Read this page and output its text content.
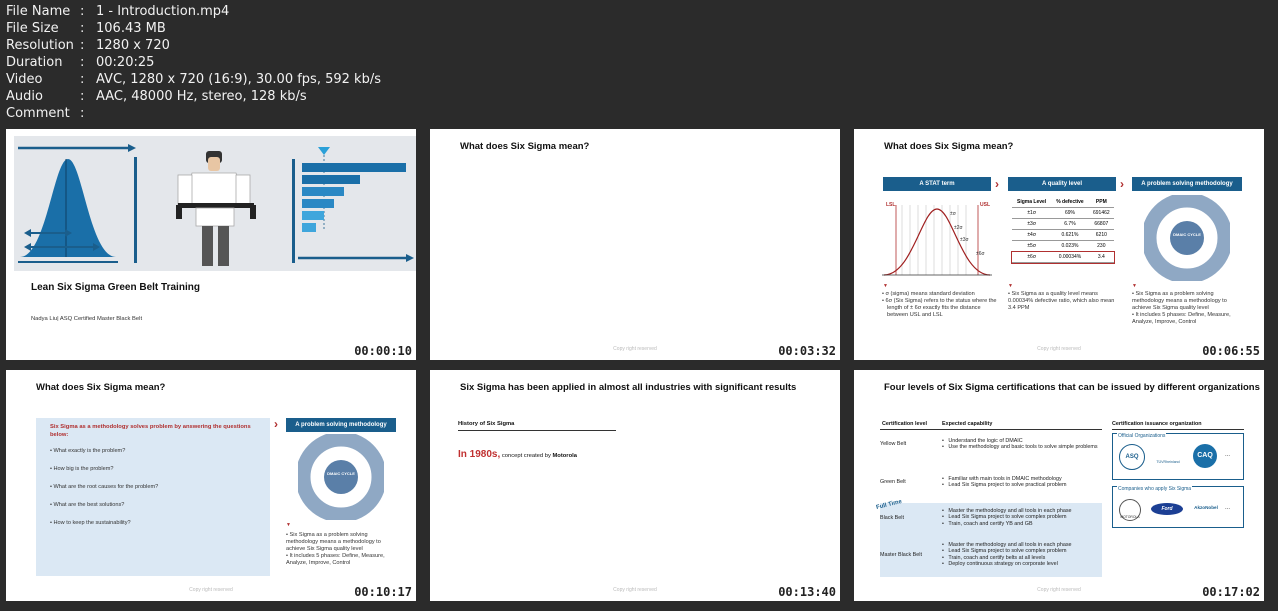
File Name : 1 - Introduction.mp4
File Size	: 106.43 MB
Resolution : 1280 x 720
Duration	: 00:20:25
Video	: AVC, 1280 x 720 (16:9), 30.00 fps, 592 kb/s
Audio	: AAC, 48000 Hz, stereo, 128 kb/s
Comment :
Lean Six Sigma Green Belt Training
Nadya Liu| ASQ Certified Master Black Belt
00:00:10
What does Six Sigma mean?
Copy right reserved	00:03:32
What does Six Sigma mean?
A STAT term	›	A quality level	›	A problem solving methodology
LSL	USL
±σ
±2σ
±3σ
±6σ
Sigma Level	% defective	PPM
±1σ	69%	691462
±3σ	6.7%	66807
±4σ	0.621%	6210
±5σ	0.023%	230
±6σ	0.00034%	3.4
▼	▼	▼
DMAIC CYCLE
• σ (sigma) means standard deviation
• 6σ (Six Sigma) refers to the status where the length of ± 6σ exactly fits the distance between USL and LSL
• Six Sigma as a quality level means 0.00034% defective ratio, which also mean 3.4 PPM
• Six Sigma as a problem solving methodology means a methodology to achieve Six Sigma quality level
• It includes 5 phases: Define, Measure, Analyze, Improve, Control
Copy right reserved	00:06:55
What does Six Sigma mean?
Six Sigma as a methodology solves problem by answering the questions below:
• What exactly is the problem?
• How big is the problem?
• What are the root causes for the problem?
• What are the best solutions?
• How to keep the sustainability?
A problem solving methodology
›
DMAIC CYCLE
▼
• Six Sigma as a problem solving methodology means a methodology to achieve Six Sigma quality level
• It includes 5 phases: Define, Measure, Analyze, Improve, Control
Copy right reserved	00:10:17
Six Sigma has been applied in almost all industries with significant results
History of Six Sigma
In 1980s, concept created by Motorola
Copy right reserved	00:13:40
Four levels of Six Sigma certifications that can be issued by different organizations
Certification level	Expected capability	Certification issuance organization
Full Time
Yellow Belt
•   Understand the logic of DMAIC
•   Use the methodology and basic tools to solve simple problems
Green Belt
•   Familiar with main tools in DMAIC methodology
•   Lead Six Sigma project to solve practical problem
Black Belt
•   Master the methodology and all tools in each phase
•   Lead Six Sigma project to solve complex problem
•   Train, coach and certify YB and GB
Master Black Belt
•   Master the methodology and all tools in each phase
•   Lead Six Sigma project to solve complex problem
•   Train, coach and certify belts at all levels
•   Deploy continuous strategy on corporate level
Official Organizations
ASQ
TÜVRheinland
CAQ	...
Companies who apply Six Sigma
MOTOROLA
Ford	AkzoNobel	...
Copy right reserved	00:17:02
